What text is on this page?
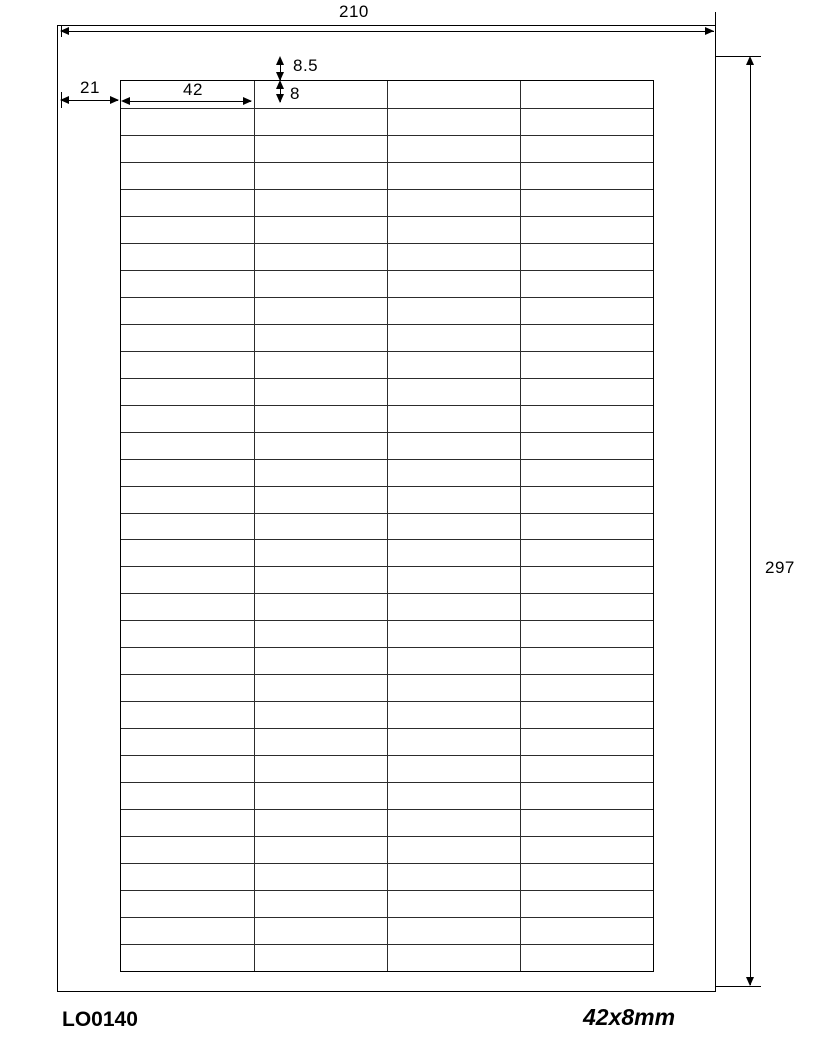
210
297
21	42
8.5
8
LO0140	42x8mm
